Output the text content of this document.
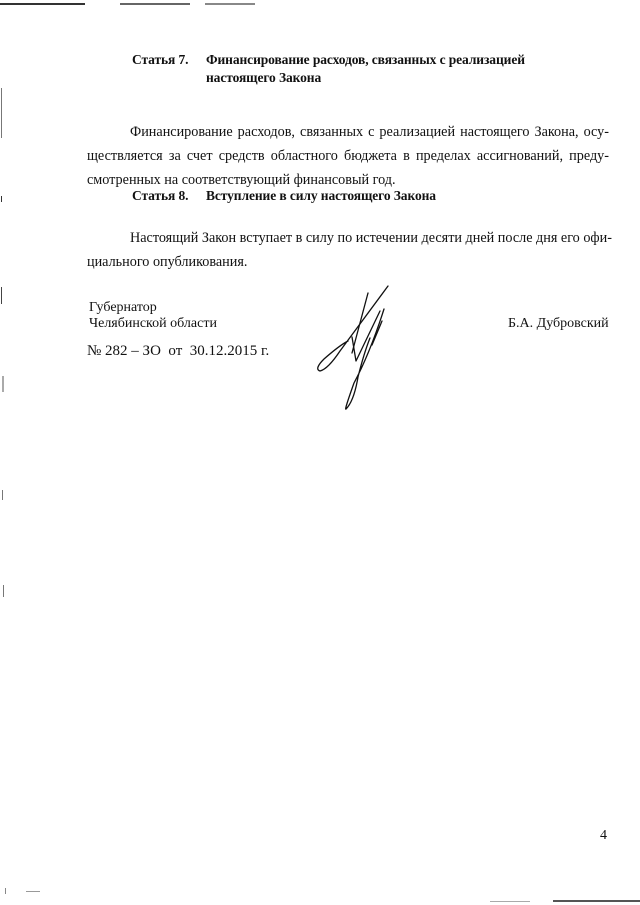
Статья 7. Финансирование расходов, связанных с реализацией
настоящего Закона
Финансирование расходов, связанных с реализацией настоящего Закона, осу-
ществляется за счет средств областного бюджета в пределах ассигнований, преду-
смотренных на соответствующий финансовый год.
Статья 8. Вступление в силу настоящего Закона
Настоящий Закон вступает в силу по истечении десяти дней после дня его офи-
циального опубликования.
Губернатор
Челябинской области
№ 282 – ЗО  от  30.12.2015 г.
Б.А. Дубровский
4
